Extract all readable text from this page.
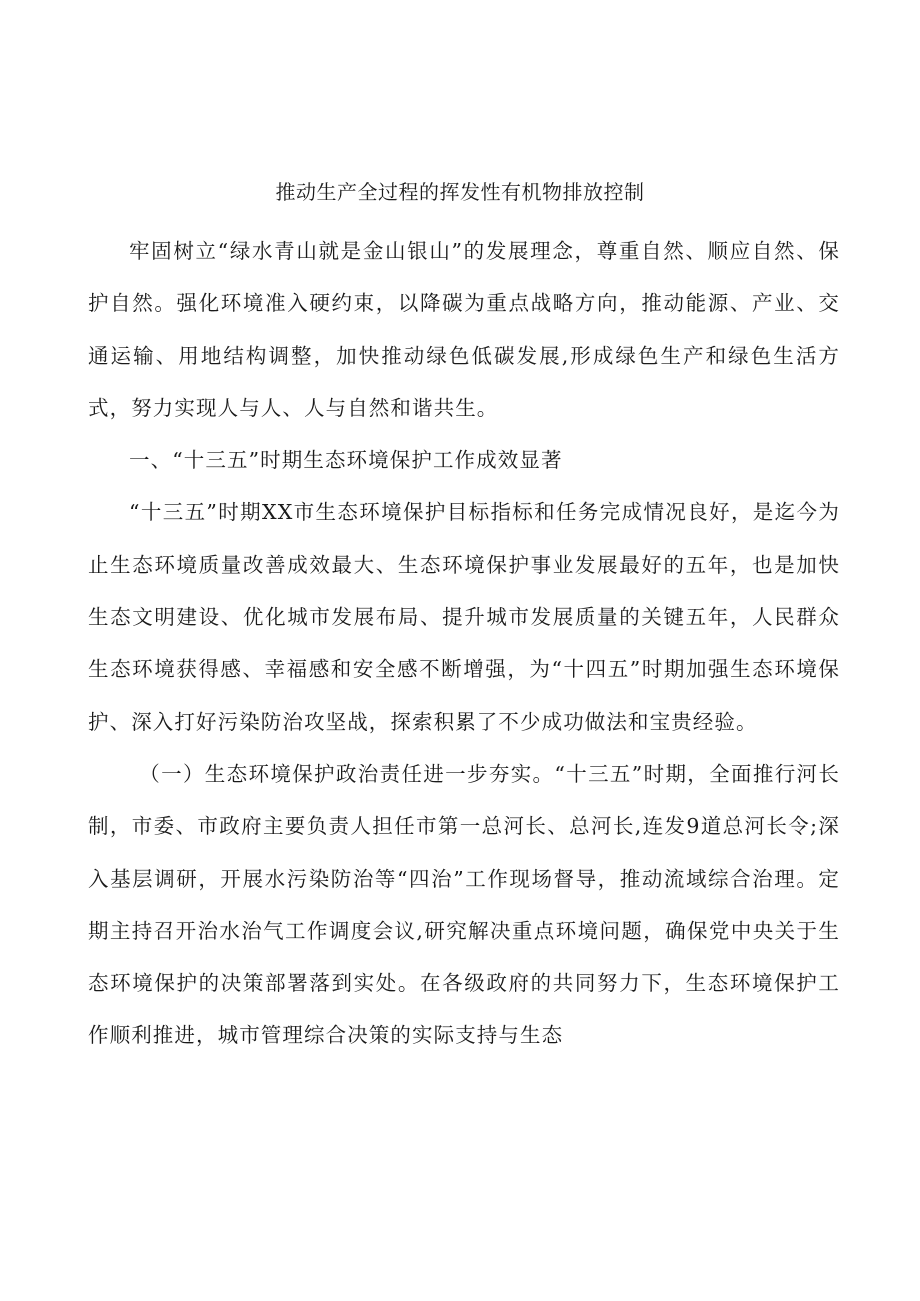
推动生产全过程的挥发性有机物排放控制

牢固树立“绿水青山就是金山银山”的发展理念，尊重自然、顺应自然、保护自然。强化环境准入硬约束，以降碳为重点战略方向，推动能源、产业、交通运输、用地结构调整，加快推动绿色低碳发展,形成绿色生产和绿色生活方式，努力实现人与人、人与自然和谐共生。

一、“十三五”时期生态环境保护工作成效显著

“十三五”时期XX市生态环境保护目标指标和任务完成情况良好，是迄今为止生态环境质量改善成效最大、生态环境保护事业发展最好的五年，也是加快生态文明建设、优化城市发展布局、提升城市发展质量的关键五年，人民群众生态环境获得感、幸福感和安全感不断增强，为“十四五”时期加强生态环境保护、深入打好污染防治攻坚战，探索积累了不少成功做法和宝贵经验。

（一）生态环境保护政治责任进一步夯实。“十三五”时期，全面推行河长制，市委、市政府主要负责人担任市第一总河长、总河长,连发9道总河长令;深入基层调研，开展水污染防治等“四治”工作现场督导，推动流域综合治理。定期主持召开治水治气工作调度会议,研究解决重点环境问题，确保党中央关于生态环境保护的决策部署落到实处。在各级政府的共同努力下，生态环境保护工作顺利推进，城市管理综合决策的实际支持与生态
